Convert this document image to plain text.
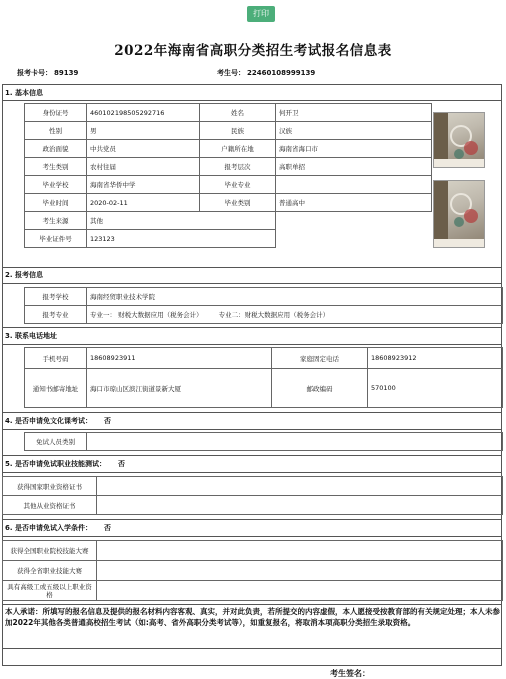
打印
2022年海南省高职分类招生考试报名信息表
报考卡号： 89139	考生号： 22460108999139
1. 基本信息
身份证号	460102198505292716	姓名	何开卫
性别	男	民族	汉族
政治面貌	中共党员	户籍所在地	海南省海口市
考生类别	农村往届	报考层次	高职单招
毕业学校	海南省华侨中学	毕业专业	
毕业时间	2020-02-11	毕业类别	普通高中
考生来源	其他		
毕业证件号	123123		
2. 报考信息
报考学校	海南经贸职业技术学院
报考专业	专业一： 财税大数据应用（税务会计） 专业二：财税大数据应用（税务会计）
3. 联系电话地址
手机号码	18608923911	家庭固定电话	18608923912
通知书邮寄地址	海口市琼山区滨江街道景新大厦	邮政编码	570100
4. 是否申请免文化课考试： 否
免试人员类别	
5. 是否申请免试职业技能测试： 否
获得国家职业资格证书	
其他从业资格证书	
6. 是否申请免试入学条件： 否
获得全国职业院校技能大赛	
获得全省职业技能大赛	
具有高级工或五级以上职业资格	
本人承诺：所填写的报名信息及提供的报名材料内容客观、真实，并对此负责，若所提交的内容虚假，本人愿接受按教育部的有关规定处理；本人未参加2022年其他各类普通高校招生考试（如:高考、省外高职分类考试等），如重复报名，将取消本项高职分类招生录取资格。
考生签名：
